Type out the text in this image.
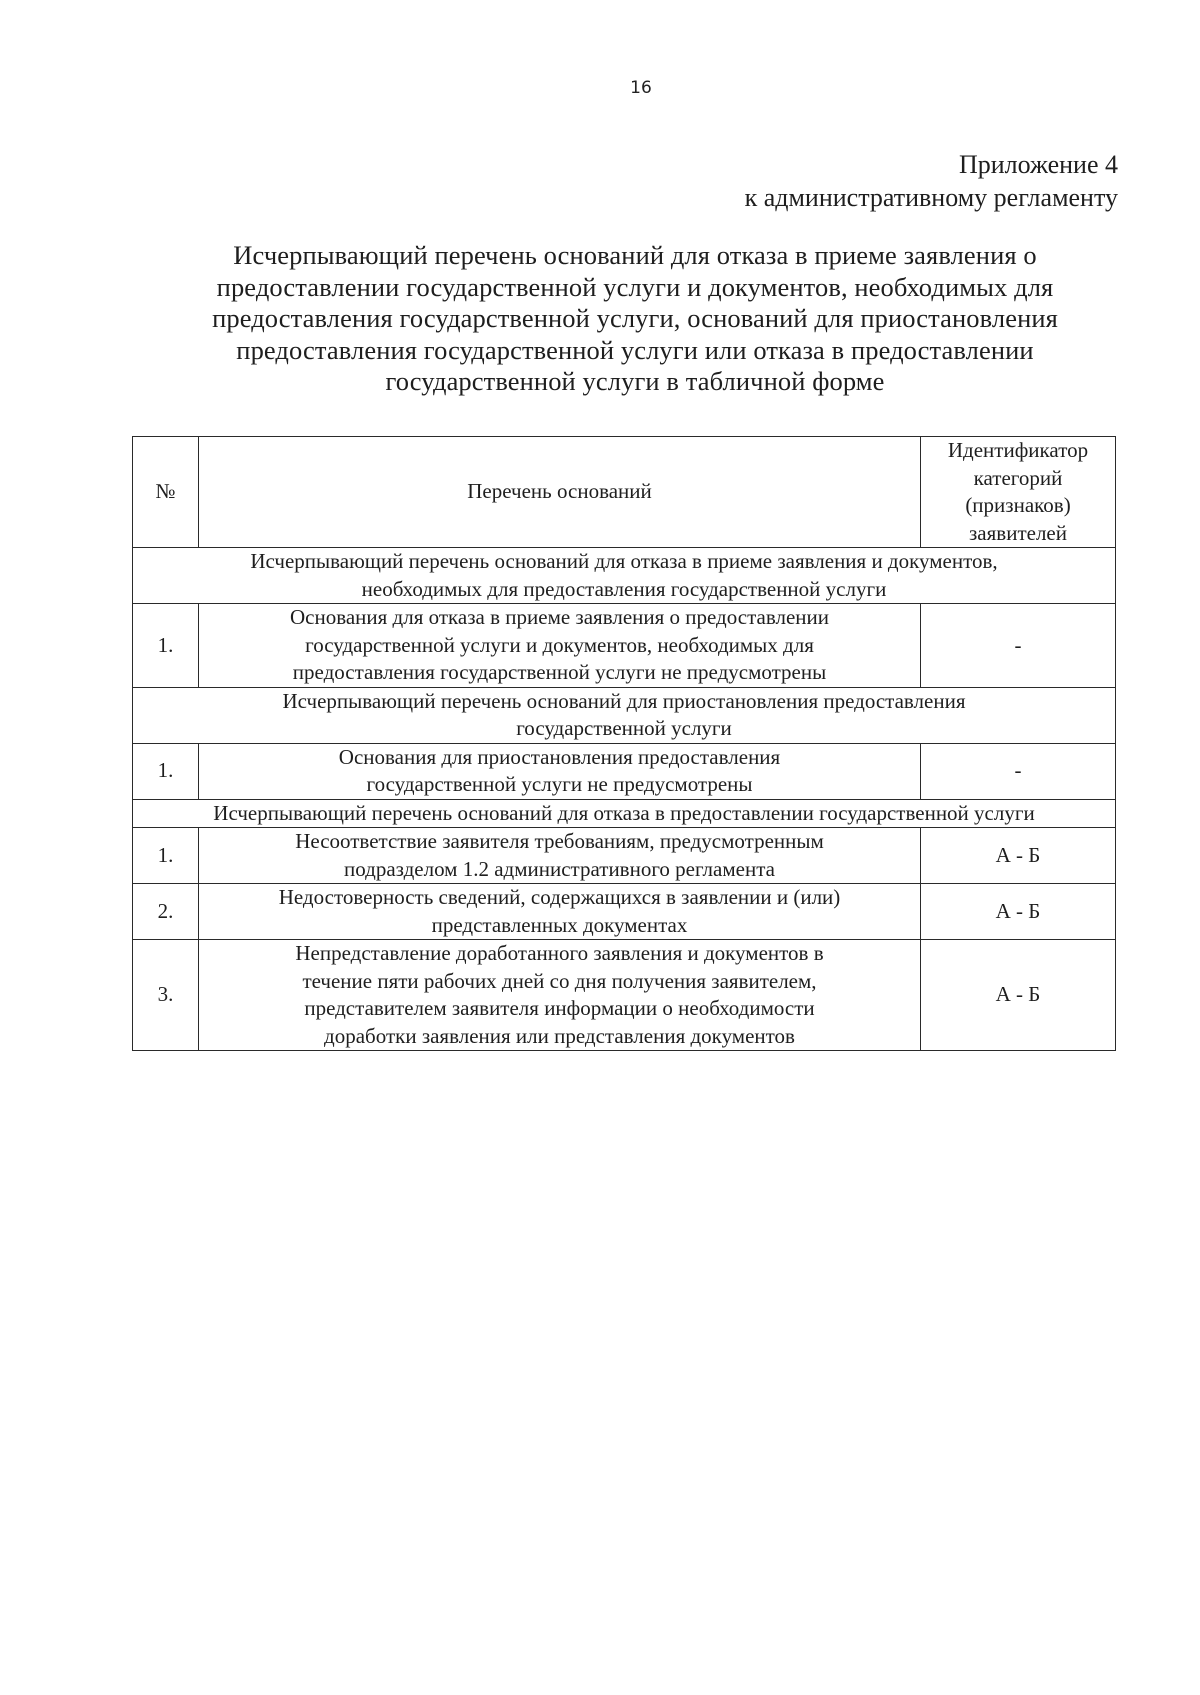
16
Приложение 4
к административному регламенту
Исчерпывающий перечень оснований для отказа в приеме заявления о
предоставлении государственной услуги и документов, необходимых для
предоставления государственной услуги, оснований для приостановления
предоставления государственной услуги или отказа в предоставлении
государственной услуги в табличной форме
№	Перечень оснований	Идентификатор
категорий
(признаков)
заявителей

Исчерпывающий перечень оснований для отказа в приеме заявления и документов,
необходимых для предоставления государственной услуги		

1.	Основания для отказа в приеме заявления о предоставлении
государственной услуги и документов, необходимых для
предоставления государственной услуги не предусмотрены	-

Исчерпывающий перечень оснований для приостановления предоставления
государственной услуги		

1.	Основания для приостановления предоставления
государственной услуги не предусмотрены	-

Исчерпывающий перечень оснований для отказа в предоставлении государственной услуги		

1.	Несоответствие заявителя требованиям, предусмотренным
подразделом 1.2 административного регламента	А - Б
2.	Недостоверность сведений, содержащихся в заявлении и (или)
представленных документах	А - Б
3.	Непредставление доработанного заявления и документов в
течение пяти рабочих дней со дня получения заявителем,
представителем заявителя информации о необходимости
доработки заявления или представления документов	А - Б
